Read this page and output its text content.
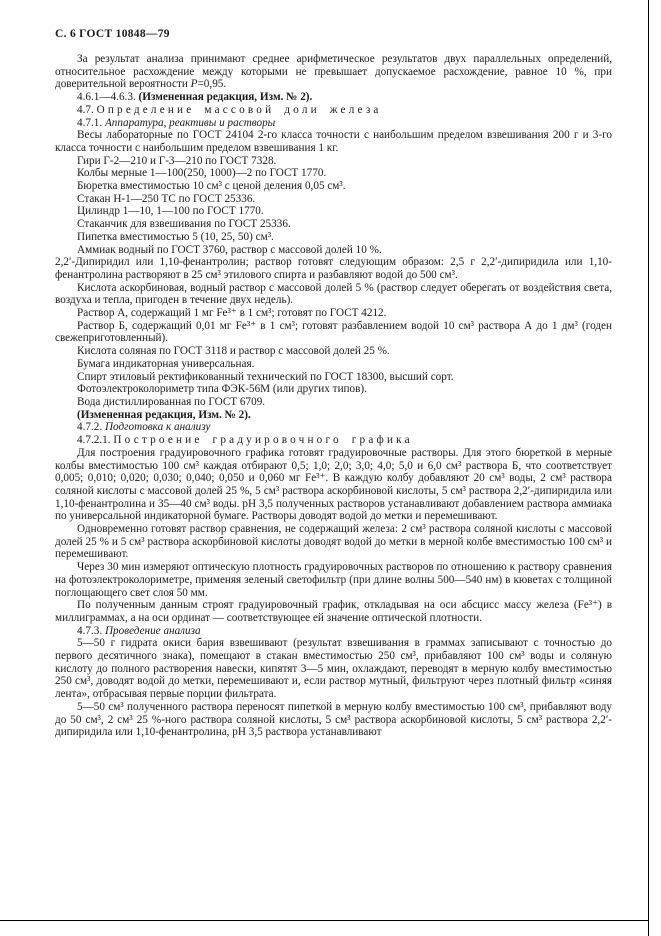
С. 6 ГОСТ 10848—79

За результат анализа принимают среднее арифметическое результатов двух параллельных определений, относительное расхождение между которыми не превышает допускаемое расхождение, равное 10 %, при доверительной вероятности Р=0,95.

4.6.1—4.6.3. (Измененная редакция, Изм. № 2).

4.7. Определение массовой доли железа

4.7.1. Аппаратура, реактивы и растворы

Весы лабораторные по ГОСТ 24104 2-го класса точности с наибольшим пределом взвешивания 200 г и 3-го класса точности с наибольшим пределом взвешивания 1 кг.

Гири Г-2—210 и Г-3—210 по ГОСТ 7328.

Колбы мерные 1—100(250, 1000)—2 по ГОСТ 1770.

Бюретка вместимостью 10 см³ с ценой деления 0,05 см³.

Стакан Н-1—250 ТС по ГОСТ 25336.

Цилиндр 1—10, 1—100 по ГОСТ 1770.

Стаканчик для взвешивания по ГОСТ 25336.

Пипетка вместимостью 5 (10, 25, 50) см³.

Аммиак водный по ГОСТ 3760, раствор с массовой долей 10 %.

2,2′-Дипиридил или 1,10-фенантролин; раствор готовят следующим образом: 2,5 г 2,2′-дипиридила или 1,10-фенантролина растворяют в 25 см³ этилового спирта и разбавляют водой до 500 см³.

Кислота аскорбиновая, водный раствор с массовой долей 5 % (раствор следует оберегать от воздействия света, воздуха и тепла, пригоден в течение двух недель).

Раствор А, содержащий 1 мг Fe³⁺ в 1 см³; готовят по ГОСТ 4212.

Раствор Б, содержащий 0,01 мг Fe³⁺ в 1 см³; готовят разбавлением водой 10 см³ раствора А до 1 дм³ (годен свежеприготовленный).

Кислота соляная по ГОСТ 3118 и раствор с массовой долей 25 %.

Бумага индикаторная универсальная.

Спирт этиловый ректификованный технический по ГОСТ 18300, высший сорт.

Фотоэлектроколориметр типа ФЭК-56М (или других типов).

Вода дистиллированная по ГОСТ 6709.

(Измененная редакция, Изм. № 2).

4.7.2. Подготовка к анализу

4.7.2.1. Построение градуировочного графика

Для построения градуировочного графика готовят градуировочные растворы. Для этого бюреткой в мерные колбы вместимостью 100 см³ каждая отбирают 0,5; 1,0; 2,0; 3,0; 4,0; 5,0 и 6,0 см³ раствора Б, что соответствует 0,005; 0,010; 0,020; 0,030; 0,040; 0,050 и 0,060 мг Fe³⁺. В каждую колбу добавляют 20 см³ воды, 2 см³ раствора соляной кислоты с массовой долей 25 %, 5 см³ раствора аскорбиновой кислоты, 5 см³ раствора 2,2′-дипиридила или 1,10-фенантролина и 35—40 см³ воды. рН 3,5 полученных растворов устанавливают добавлением раствора аммиака по универсальной индикаторной бумаге. Растворы доводят водой до метки и перемешивают.

Одновременно готовят раствор сравнения, не содержащий железа: 2 см³ раствора соляной кислоты с массовой долей 25 % и 5 см³ раствора аскорбиновой кислоты доводят водой до метки в мерной колбе вместимостью 100 см³ и перемешивают.

Через 30 мин измеряют оптическую плотность градуировочных растворов по отношению к раствору сравнения на фотоэлектроколориметре, применяя зеленый светофильтр (при длине волны 500—540 нм) в кюветах с толщиной поглощающего свет слоя 50 мм.

По полученным данным строят градуировочный график, откладывая на оси абсцисс массу железа (Fe³⁺) в миллиграммах, а на оси ординат — соответствующее ей значение оптической плотности.

4.7.3. Проведение анализа

5—50 г гидрата окиси бария взвешивают (результат взвешивания в граммах записывают с точностью до первого десятичного знака), помещают в стакан вместимостью 250 см³, прибавляют 100 см³ воды и соляную кислоту до полного растворения навески, кипятят 3—5 мин, охлаждают, переводят в мерную колбу вместимостью 250 см³, доводят водой до метки, перемешивают и, если раствор мутный, фильтруют через плотный фильтр «синяя лента», отбрасывая первые порции фильтрата.

5—50 см³ полученного раствора переносят пипеткой в мерную колбу вместимостью 100 см³, прибавляют воду до 50 см³, 2 см³ 25 %-ного раствора соляной кислоты, 5 см³ раствора аскорбиновой кислоты, 5 см³ раствора 2,2′-дипиридила или 1,10-фенантролина, рН 3,5 раствора устанавливают
